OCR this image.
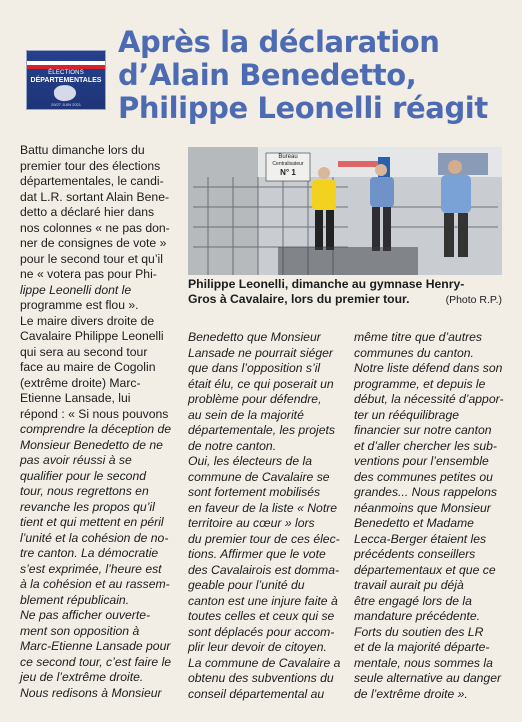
ÉLECTIONS
DÉPARTEMENTALES
20/27 JUIN 2021
Après la déclaration
d’Alain Benedetto,
Philippe Leonelli réagit
Battu dimanche lors du
premier tour des élections
départementales, le candi-
dat L.R. sortant Alain Bene-
detto a déclaré hier dans
nos colonnes « ne pas don-
ner de consignes de vote »
pour le second tour et qu’il
ne « votera pas pour Phi-
lippe Leonelli dont le
programme est flou ».
Le maire divers droite de
Cavalaire Philippe Leonelli
qui sera au second tour
face au maire de Cogolin
(extrême droite) Marc-
Etienne Lansade, lui
répond : « Si nous pouvons
comprendre la déception de
Monsieur Benedetto de ne
pas avoir réussi à se
qualifier pour le second
tour, nous regrettons en
revanche les propos qu’il
tient et qui mettent en péril
l’unité et la cohésion de no-
tre canton. La démocratie
s’est exprimée, l’heure est
à la cohésion et au rassem-
blement républicain.
Ne pas afficher ouverte-
ment son opposition à
Marc-Etienne Lansade pour
ce second tour, c’est faire le
jeu de l’extrême droite.
Nous redisons à Monsieur
Bureau
Centralisateur
N° 1
Philippe Leonelli, dimanche au gymnase Henry-
Gros à Cavalaire, lors du premier tour.	(Photo R.P.)
Benedetto que Monsieur
Lansade ne pourrait siéger
que dans l’opposition s’il
était élu, ce qui poserait un
problème pour défendre,
au sein de la majorité
départementale, les projets
de notre canton.
Oui, les électeurs de la
commune de Cavalaire se
sont fortement mobilisés
en faveur de la liste « Notre
territoire au cœur » lors
du premier tour de ces élec-
tions. Affirmer que le vote
des Cavalairois est domma-
geable pour l’unité du
canton est une injure faite à
toutes celles et ceux qui se
sont déplacés pour accom-
plir leur devoir de citoyen.
La commune de Cavalaire a
obtenu des subventions du
conseil départemental au
même titre que d’autres
communes du canton.
Notre liste défend dans son
programme, et depuis le
début, la nécessité d’appor-
ter un rééquilibrage
financier sur notre canton
et d’aller chercher les sub-
ventions pour l’ensemble
des communes petites ou
grandes... Nous rappelons
néanmoins que Monsieur
Benedetto et Madame
Lecca-Berger étaient les
précédents conseillers
départementaux et que ce
travail aurait pu déjà
être engagé lors de la
mandature précédente.
Forts du soutien des LR
et de la majorité départe-
mentale, nous sommes la
seule alternative au danger
de l’extrême droite ».
